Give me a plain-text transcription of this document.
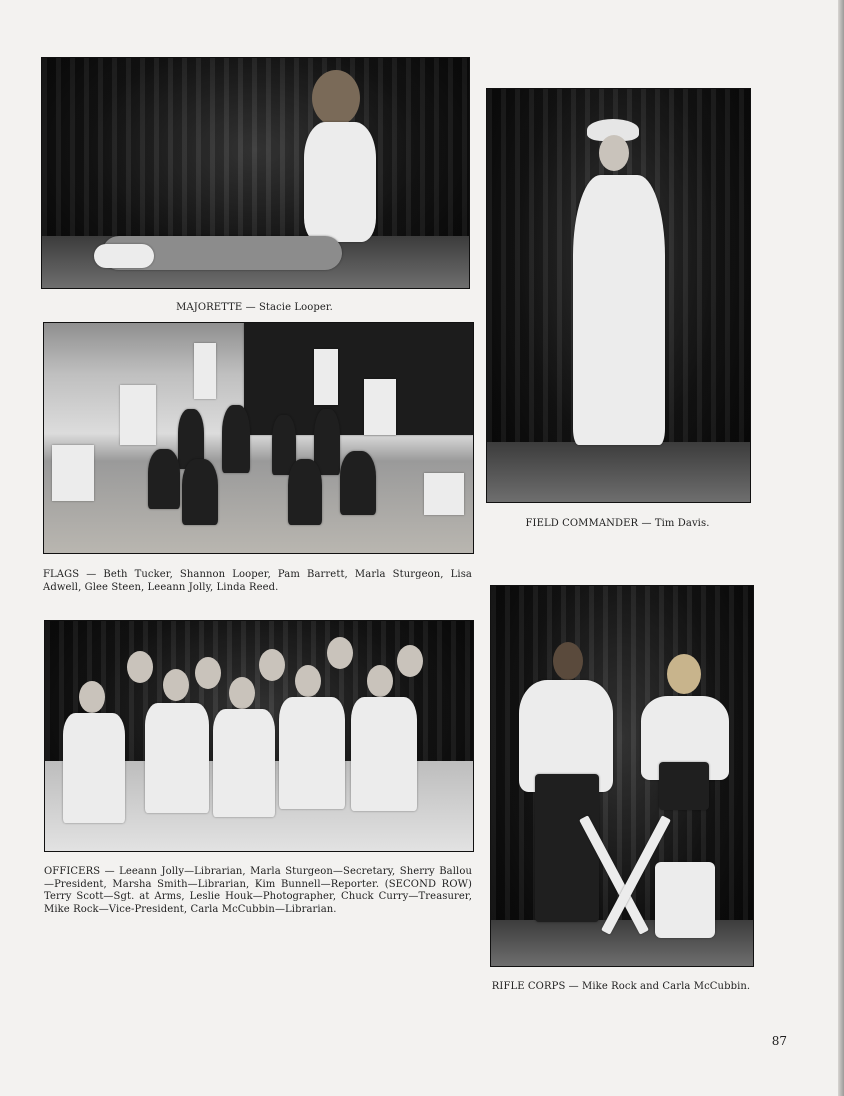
MAJORETTE — Stacie Looper.
FIELD COMMANDER — Tim Davis.
FLAGS — Beth Tucker, Shannon Looper, Pam Barrett, Marla Sturgeon, Lisa Adwell, Glee Steen, Leeann Jolly, Linda Reed.
OFFICERS — Leeann Jolly—Librarian, Marla Sturgeon—Secretary, Sherry Ballou—President, Marsha Smith—Librarian, Kim Bunnell—Reporter. (SECOND ROW) Terry Scott—Sgt. at Arms, Leslie Houk—Photographer, Chuck Curry—Treasurer, Mike Rock—Vice-President, Carla McCubbin—Librarian.
RIFLE CORPS — Mike Rock and Carla McCubbin.
87
